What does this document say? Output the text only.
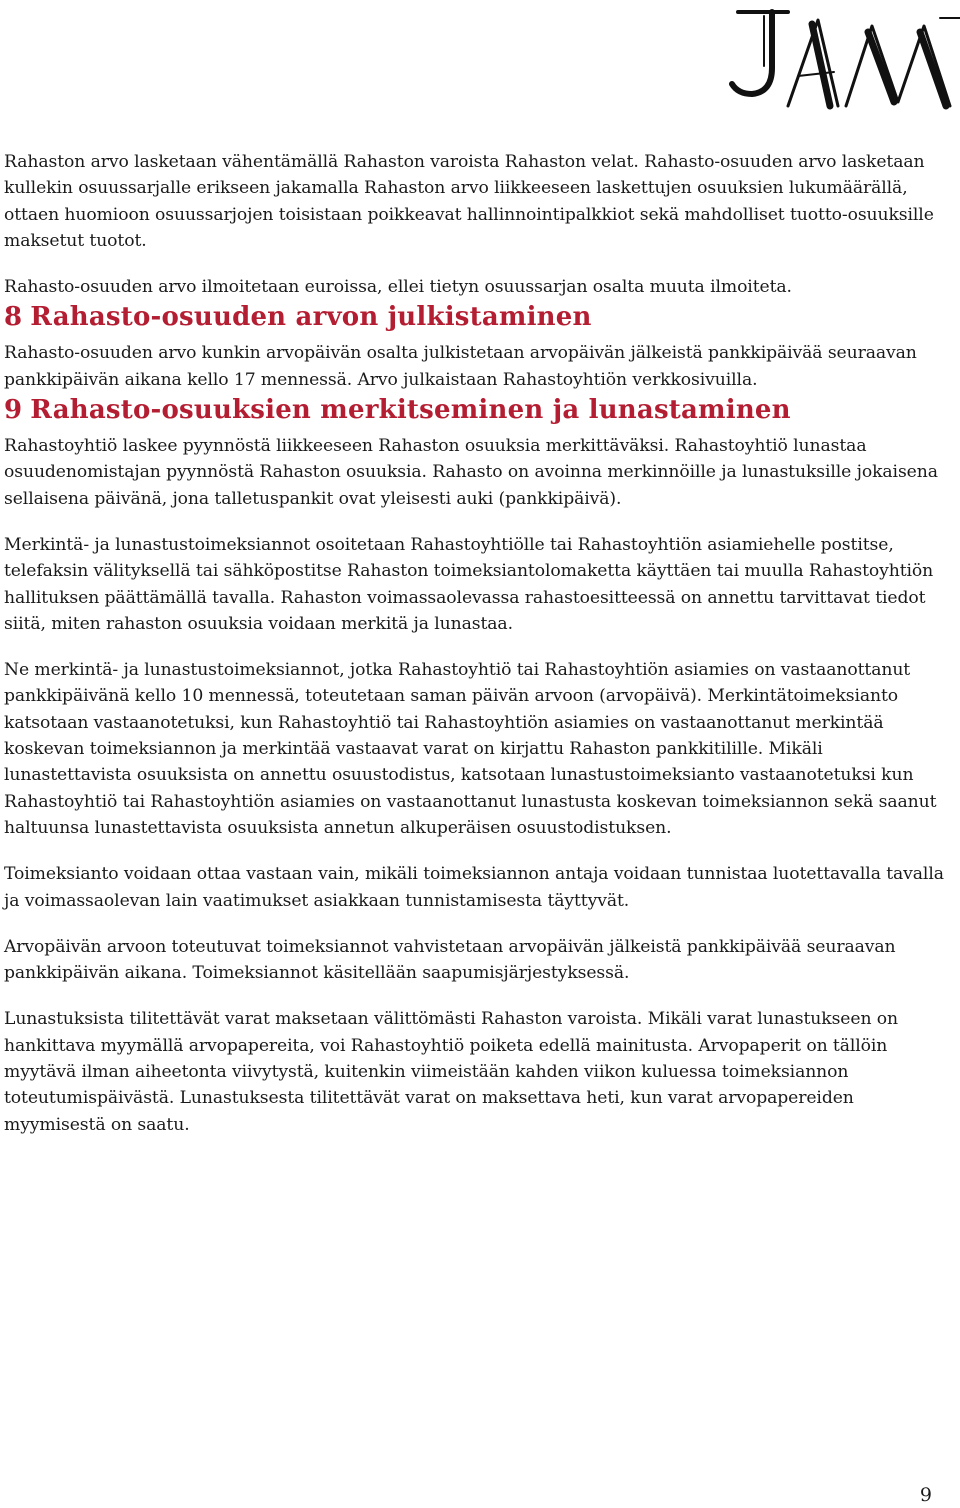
Rahaston arvo lasketaan vähentämällä Rahaston varoista Rahaston velat. Rahasto-osuuden arvo lasketaan kullekin osuussarjalle erikseen jakamalla Rahaston arvo liikkeeseen laskettujen osuuksien lukumäärällä, ottaen huomioon osuussarjojen toisistaan poikkeavat hallinnointipalkkiot sekä mahdolliset tuotto-osuuksille maksetut tuotot.

Rahasto-osuuden arvo ilmoitetaan euroissa, ellei tietyn osuussarjan osalta muuta ilmoiteta.

8 Rahasto-osuuden arvon julkistaminen

Rahasto-osuuden arvo kunkin arvopäivän osalta julkistetaan arvopäivän jälkeistä pankkipäivää seuraavan pankkipäivän aikana kello 17 mennessä. Arvo julkaistaan Rahastoyhtiön verkkosivuilla.

9 Rahasto-osuuksien merkitseminen ja lunastaminen

Rahastoyhtiö laskee pyynnöstä liikkeeseen Rahaston osuuksia merkittäväksi. Rahastoyhtiö lunastaa osuudenomistajan pyynnöstä Rahaston osuuksia. Rahasto on avoinna merkinnöille ja lunastuksille jokaisena sellaisena päivänä, jona talletuspankit ovat yleisesti auki (pankkipäivä).

Merkintä- ja lunastustoimeksiannot osoitetaan Rahastoyhtiölle tai Rahastoyhtiön asiamiehelle postitse, telefaksin välityksellä tai sähköpostitse Rahaston toimeksiantolomaketta käyttäen tai muulla Rahastoyhtiön hallituksen päättämällä tavalla. Rahaston voimassaolevassa rahastoesitteessä on annettu tarvittavat tiedot siitä, miten rahaston osuuksia voidaan merkitä ja lunastaa.

Ne merkintä- ja lunastustoimeksiannot, jotka Rahastoyhtiö tai Rahastoyhtiön asiamies on vastaanottanut pankkipäivänä kello 10 mennessä, toteutetaan saman päivän arvoon (arvopäivä). Merkintätoimeksianto katsotaan vastaanotetuksi, kun Rahastoyhtiö tai Rahastoyhtiön asiamies on vastaanottanut merkintää koskevan toimeksiannon ja merkintää vastaavat varat on kirjattu Rahaston pankkitilille. Mikäli lunastettavista osuuksista on annettu osuustodistus, katsotaan lunastustoimeksianto vastaanotetuksi kun Rahastoyhtiö tai Rahastoyhtiön asiamies on vastaanottanut lunastusta koskevan toimeksiannon sekä saanut haltuunsa lunastettavista osuuksista annetun alkuperäisen osuustodistuksen.

Toimeksianto voidaan ottaa vastaan vain, mikäli toimeksiannon antaja voidaan tunnistaa luotettavalla tavalla ja voimassaolevan lain vaatimukset asiakkaan tunnistamisesta täyttyvät.

Arvopäivän arvoon toteutuvat toimeksiannot vahvistetaan arvopäivän jälkeistä pankkipäivää seuraavan pankkipäivän aikana. Toimeksiannot käsitellään saapumisjärjestyksessä.

Lunastuksista tilitettävät varat maksetaan välittömästi Rahaston varoista. Mikäli varat lunastukseen on hankittava myymällä arvopapereita, voi Rahastoyhtiö poiketa edellä mainitusta. Arvopaperit on tällöin myytävä ilman aiheetonta viivytystä, kuitenkin viimeistään kahden viikon kuluessa toimeksiannon toteutumispäivästä. Lunastuksesta tilitettävät varat on maksettava heti, kun varat arvopapereiden myymisestä on saatu.

9
